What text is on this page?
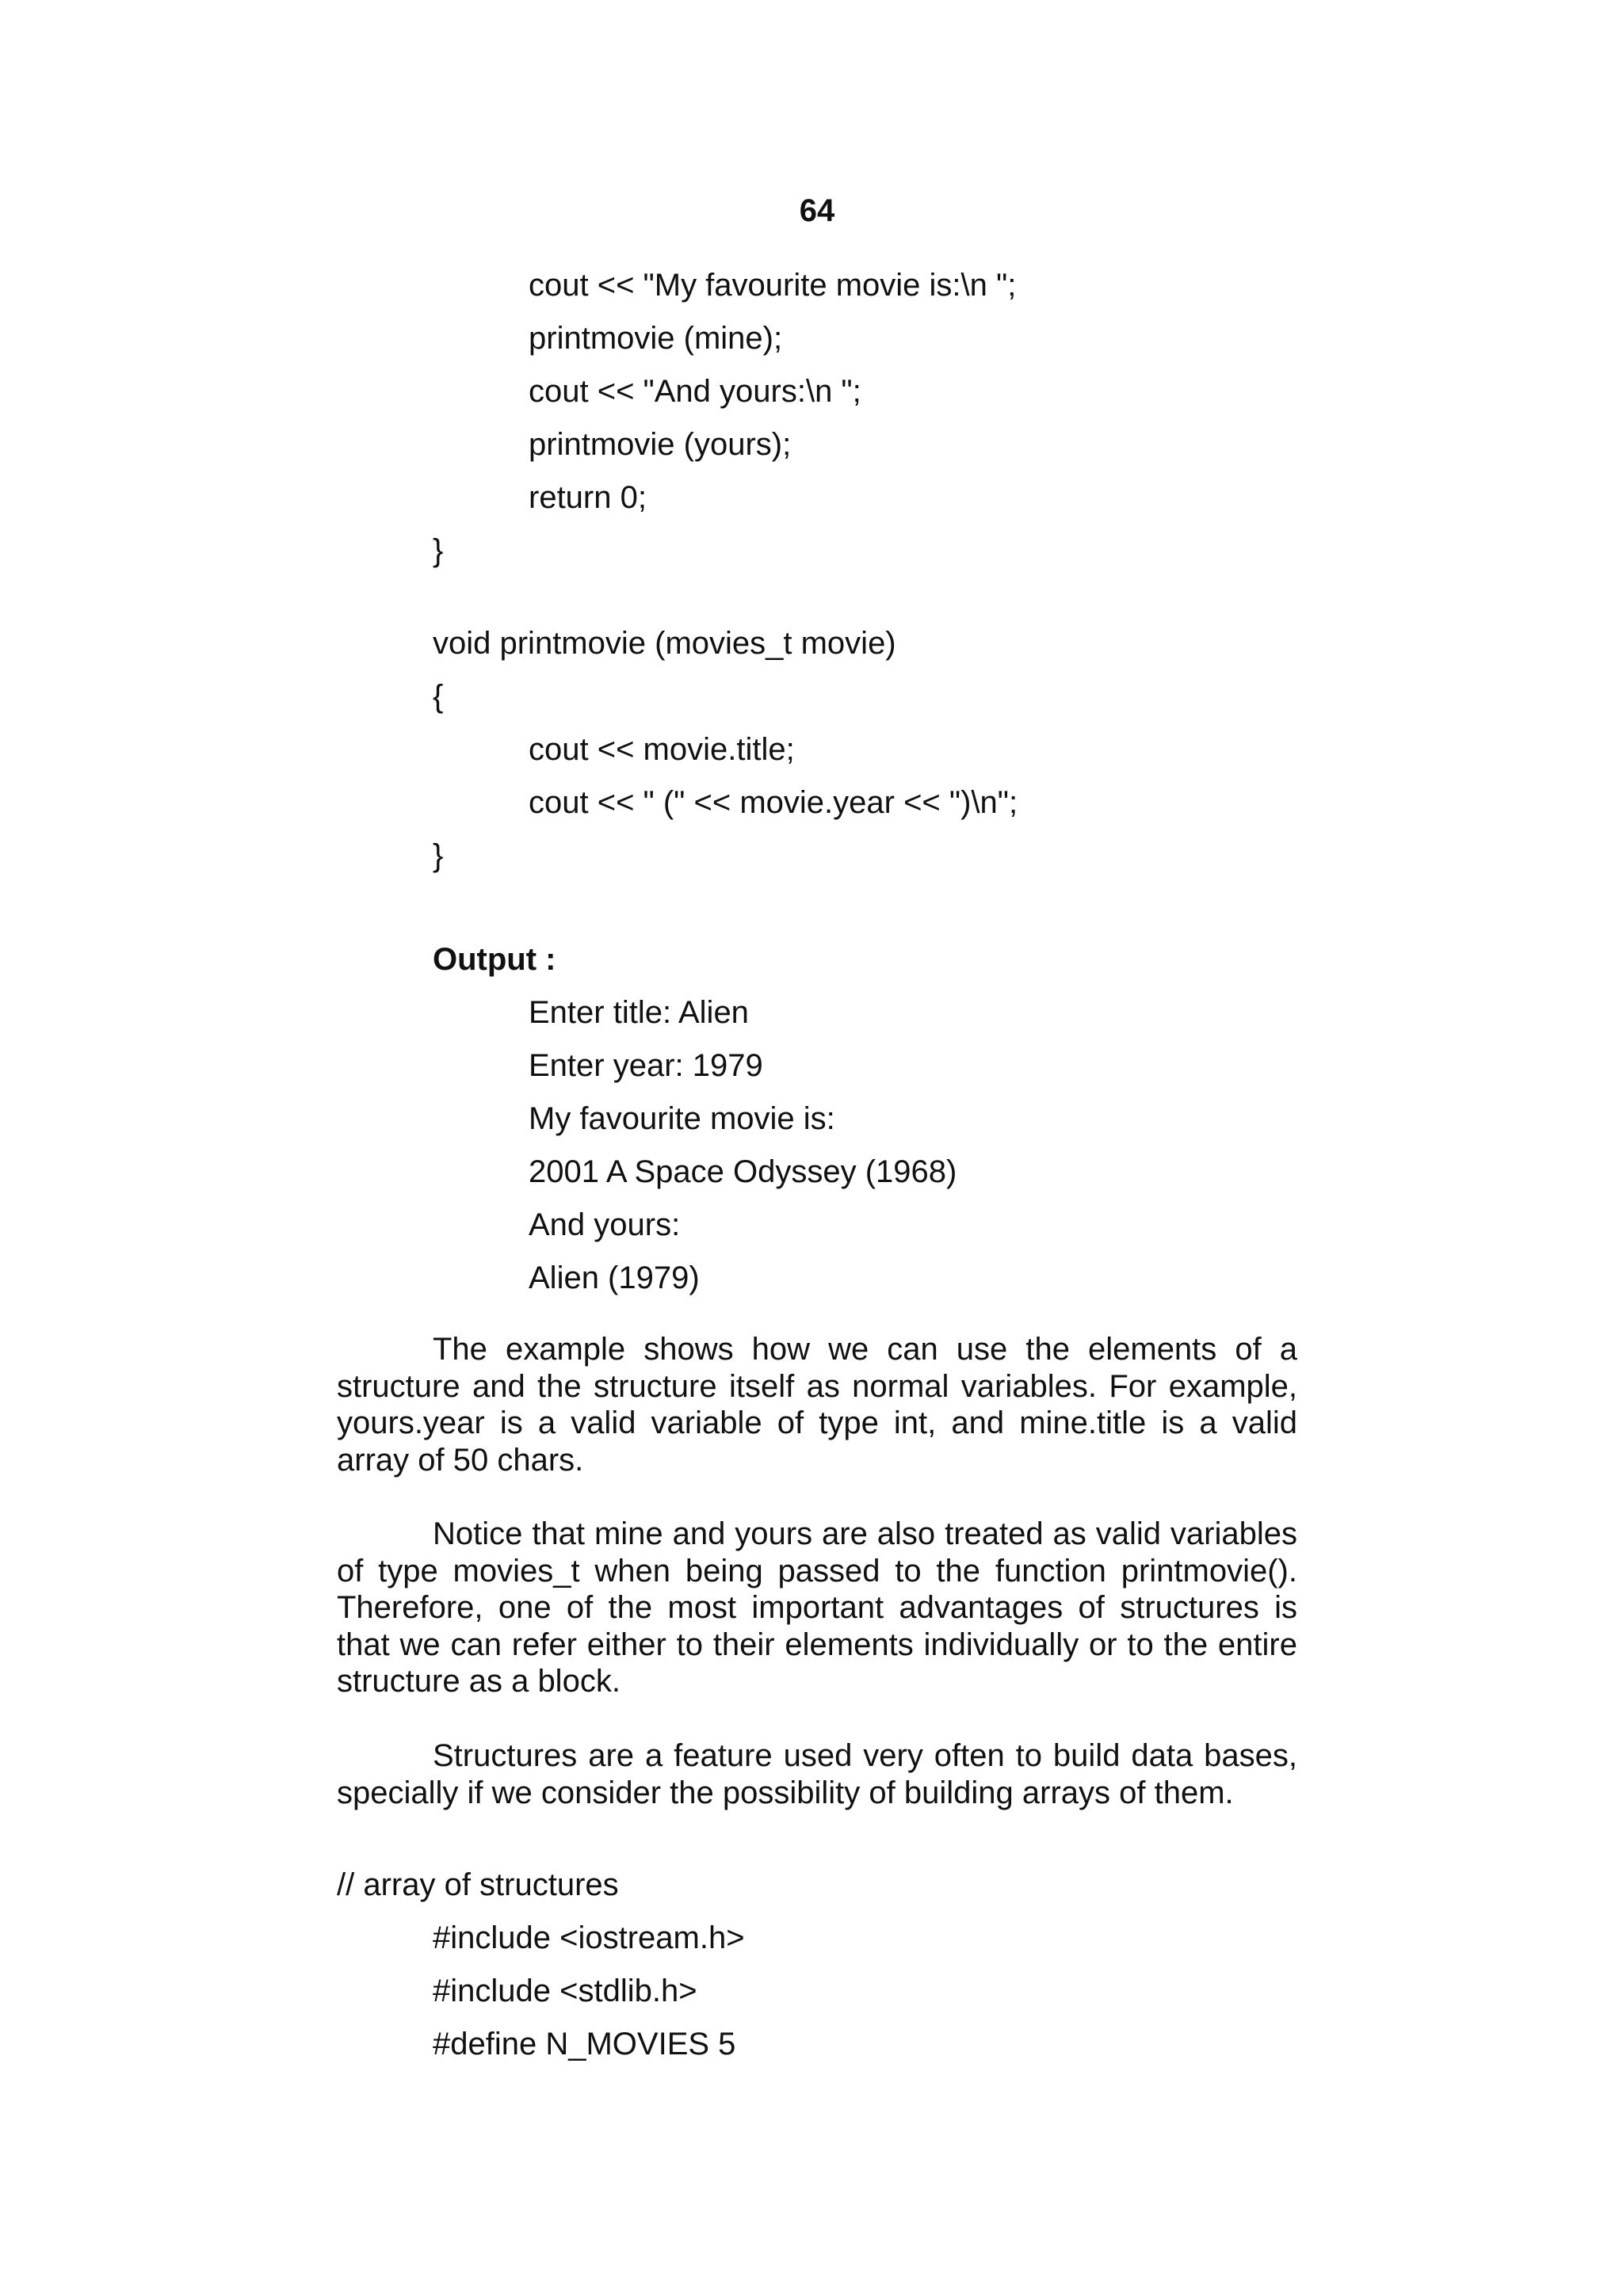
64

cout << "My favourite movie is:\n ";

printmovie (mine);

cout << "And yours:\n ";

printmovie (yours);

return 0;

}

void printmovie (movies_t movie)

{

cout << movie.title;

cout << " (" << movie.year << ")\n";

}

Output :

Enter title: Alien

Enter year: 1979

My favourite movie is:

2001 A Space Odyssey (1968)

And yours:

Alien (1979)

The example shows how we can use the elements of a structure and the structure itself as normal variables. For example, yours.year is a valid variable of type int, and mine.title is a valid array of 50 chars.

Notice that mine and yours are also treated as valid variables of type movies_t when being passed to the function printmovie(). Therefore, one of the most important advantages of structures is that we can refer either to their elements individually or to the entire structure as a block.

Structures are a feature used very often to build data bases, specially if we consider the possibility of building arrays of them.

// array of structures

#include <iostream.h>

#include <stdlib.h>

#define N_MOVIES 5
